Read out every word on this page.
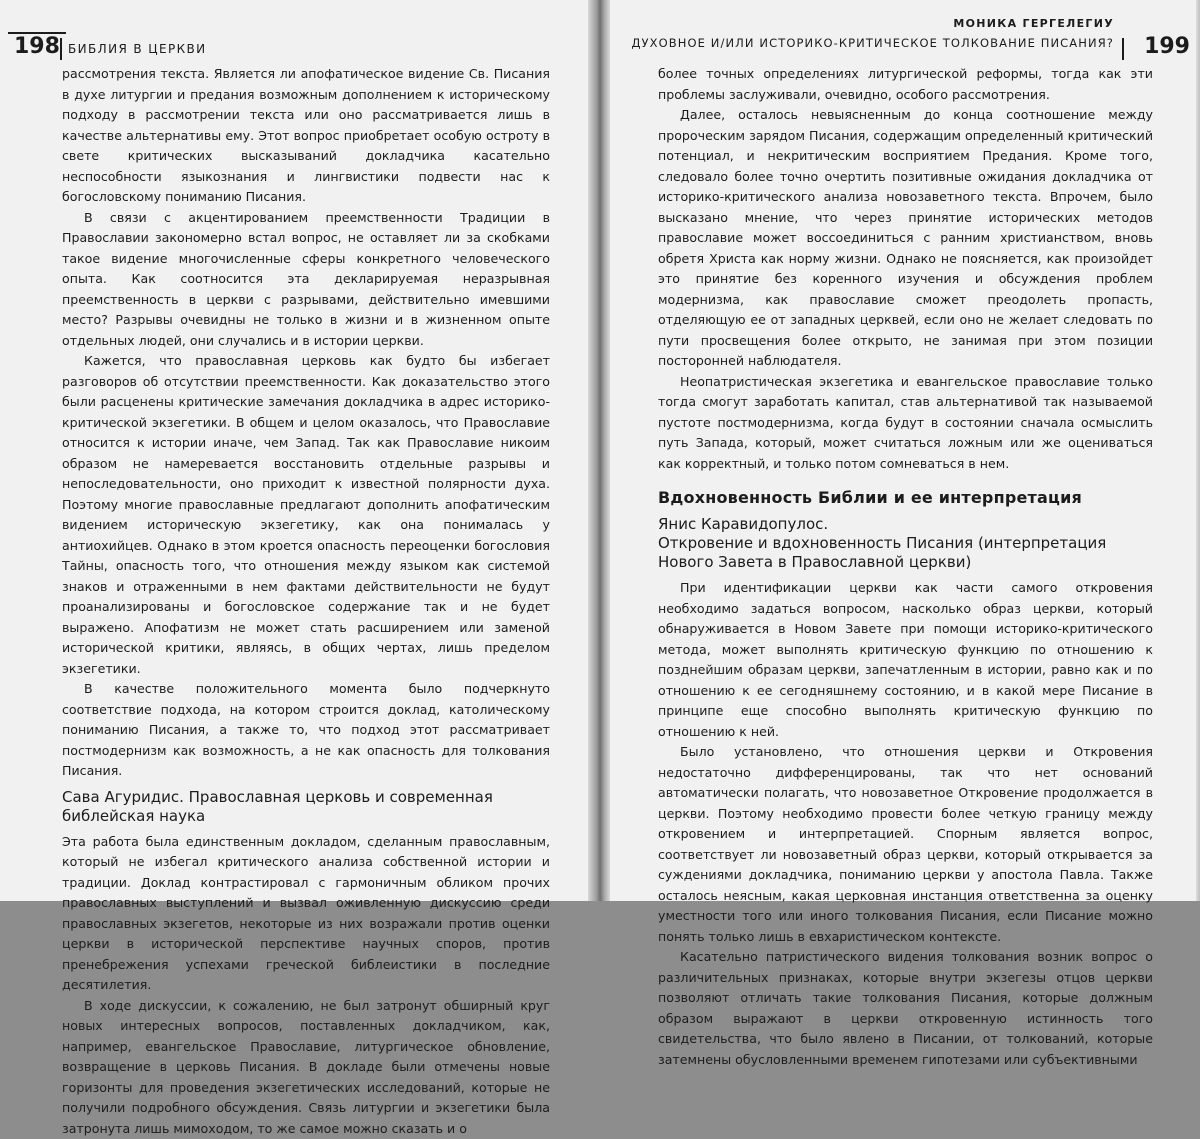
198 БИБЛИЯ В ЦЕРКВИ

рассмотрения текста. Является ли апофатическое видение Св. Писания в духе литургии и предания возможным дополнением к историческому подходу в рассмотрении текста или оно рассматривается лишь в качестве альтернативы ему. Этот вопрос приобретает особую остроту в свете критических высказываний докладчика касательно неспособности языкознания и лингвистики подвести нас к богословскому пониманию Писания.

В связи с акцентированием преемственности Традиции в Православии закономерно встал вопрос, не оставляет ли за скобками такое видение многочисленные сферы конкретного человеческого опыта. Как соотносится эта декларируемая неразрывная преемственность в церкви с разрывами, действительно имевшими место? Разрывы очевидны не только в жизни и в жизненном опыте отдельных людей, они случались и в истории церкви.

Кажется, что православная церковь как будто бы избегает разговоров об отсутствии преемственности. Как доказательство этого были расценены критические замечания докладчика в адрес историко-критической экзегетики. В общем и целом оказалось, что Православие относится к истории иначе, чем Запад. Так как Православие никоим образом не намеревается восстановить отдельные разрывы и непоследовательности, оно приходит к известной полярности духа. Поэтому многие православные предлагают дополнить апофатическим видением историческую экзегетику, как она понималась у антиохийцев. Однако в этом кроется опасность переоценки богословия Тайны, опасность того, что отношения между языком как системой знаков и отраженными в нем фактами действительности не будут проанализированы и богословское содержание так и не будет выражено. Апофатизм не может стать расширением или заменой исторической критики, являясь, в общих чертах, лишь пределом экзегетики.

В качестве положительного момента было подчеркнуто соответствие подхода, на котором строится доклад, католическому пониманию Писания, а также то, что подход этот рассматривает постмодернизм как возможность, а не как опасность для толкования Писания.

Сава Агуридис. Православная церковь и современная библейская наука

Эта работа была единственным докладом, сделанным православным, который не избегал критического анализа собственной истории и традиции. Доклад контрастировал с гармоничным обликом прочих православных выступлений и вызвал оживленную дискуссию среди православных экзегетов, некоторые из них возражали против оценки церкви в исторической перспективе научных споров, против пренебрежения успехами греческой библеистики в последние десятилетия.

В ходе дискуссии, к сожалению, не был затронут обширный круг новых интересных вопросов, поставленных докладчиком, как, например, евангельское Православие, литургическое обновление, возвращение в церковь Писания. В докладе были отмечены новые горизонты для проведения экзегетических исследований, которые не получили подробного обсуждения. Связь литургии и экзегетики была затронута лишь мимоходом, то же самое можно сказать и о

МОНИКА ГЕРГЕЛЕГИУ
ДУХОВНОЕ И/ИЛИ ИСТОРИКО-КРИТИЧЕСКОЕ ТОЛКОВАНИЕ ПИСАНИЯ? 199

более точных определениях литургической реформы, тогда как эти проблемы заслуживали, очевидно, особого рассмотрения.

Далее, осталось невыясненным до конца соотношение между пророческим зарядом Писания, содержащим определенный критический потенциал, и некритическим восприятием Предания. Кроме того, следовало более точно очертить позитивные ожидания докладчика от историко-критического анализа новозаветного текста. Впрочем, было высказано мнение, что через принятие исторических методов православие может воссоединиться с ранним христианством, вновь обретя Христа как норму жизни. Однако не поясняется, как произойдет это принятие без коренного изучения и обсуждения проблем модернизма, как православие сможет преодолеть пропасть, отделяющую ее от западных церквей, если оно не желает следовать по пути просвещения более открыто, не занимая при этом позиции посторонней наблюдателя.

Неопатристическая экзегетика и евангельское православие только тогда смогут заработать капитал, став альтернативой так называемой пустоте постмодернизма, когда будут в состоянии сначала осмыслить путь Запада, который, может считаться ложным или же оцениваться как корректный, и только потом сомневаться в нем.

Вдохновенность Библии и ее интерпретация
Янис Каравидопулос.
Откровение и вдохновенность Писания (интерпретация Нового Завета в Православной церкви)

При идентификации церкви как части самого откровения необходимо задаться вопросом, насколько образ церкви, который обнаруживается в Новом Завете при помощи историко-критического метода, может выполнять критическую функцию по отношению к позднейшим образам церкви, запечатленным в истории, равно как и по отношению к ее сегодняшнему состоянию, и в какой мере Писание в принципе еще способно выполнять критическую функцию по отношению к ней.

Было установлено, что отношения церкви и Откровения недостаточно дифференцированы, так что нет оснований автоматически полагать, что новозаветное Откровение продолжается в церкви. Поэтому необходимо провести более четкую границу между откровением и интерпретацией. Спорным является вопрос, соответствует ли новозаветный образ церкви, который открывается за суждениями докладчика, пониманию церкви у апостола Павла. Также осталось неясным, какая церковная инстанция ответственна за оценку уместности того или иного толкования Писания, если Писание можно понять только лишь в евхаристическом контексте.

Касательно патристического видения толкования возник вопрос о различительных признаках, которые внутри экзегезы отцов церкви позволяют отличать такие толкования Писания, которые должным образом выражают в церкви откровенную истинность того свидетельства, что было явлено в Писании, от толкований, которые затемнены обусловленными временем гипотезами или субъективными
